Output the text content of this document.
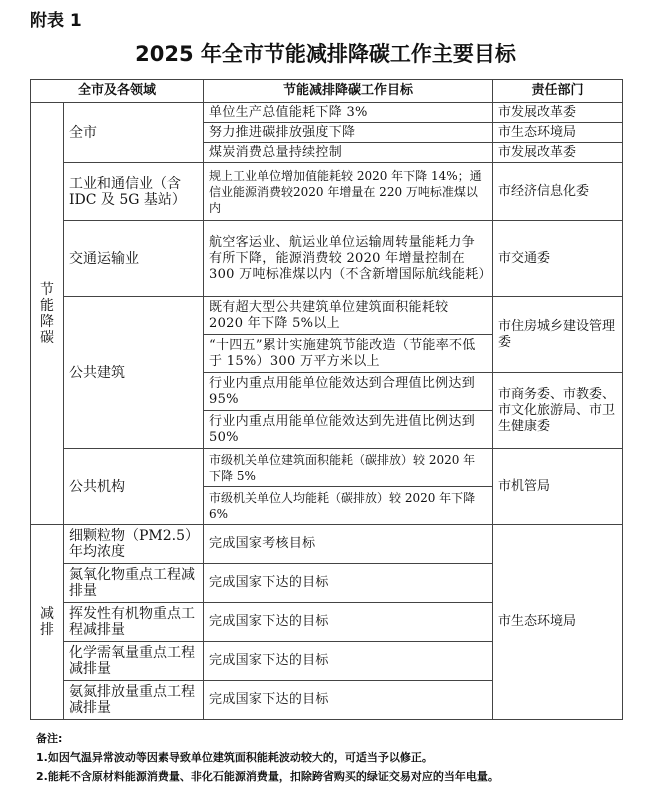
附表 1
2025 年全市节能减排降碳工作主要目标
全市及各领域		节能减排降碳工作目标	责任部门

节能降碳	全市	单位生产总值能耗下降 3%	市发展改革委
		努力推进碳排放强度下降	市生态环境局
		煤炭消费总量持续控制	市发展改革委
	工业和通信业（含 IDC 及 5G 基站）	规上工业单位增加值能耗较 2020 年下降 14%；通信业能源消费较2020 年增量在 220 万吨标准煤以内	市经济信息化委
	交通运输业	航空客运业、航运业单位运输周转量能耗力争有所下降，能源消费较 2020 年增量控制在 300 万吨标准煤以内（不含新增国际航线能耗）	市交通委
	公共建筑	既有超大型公共建筑单位建筑面积能耗较 2020 年下降 5%以上	市住房城乡建设管理委
		“十四五”累计实施建筑节能改造（节能率不低于 15%）300 万平方米以上	
		行业内重点用能单位能效达到合理值比例达到 95%	市商务委、市教委、市文化旅游局、市卫生健康委
		行业内重点用能单位能效达到先进值比例达到 50%	
	公共机构	市级机关单位建筑面积能耗（碳排放）较 2020 年下降 5%	市机管局
		市级机关单位人均能耗（碳排放）较 2020 年下降 6%	

减排	细颗粒物（PM2.5）年均浓度	完成国家考核目标	市生态环境局
	氮氧化物重点工程减排量	完成国家下达的目标	
	挥发性有机物重点工程减排量	完成国家下达的目标	
	化学需氧量重点工程减排量	完成国家下达的目标	
	氨氮排放量重点工程减排量	完成国家下达的目标	
备注:
1.如因气温异常波动等因素导致单位建筑面积能耗波动较大的，可适当予以修正。
2.能耗不含原材料能源消费量、非化石能源消费量，扣除跨省购买的绿证交易对应的当年电量。
